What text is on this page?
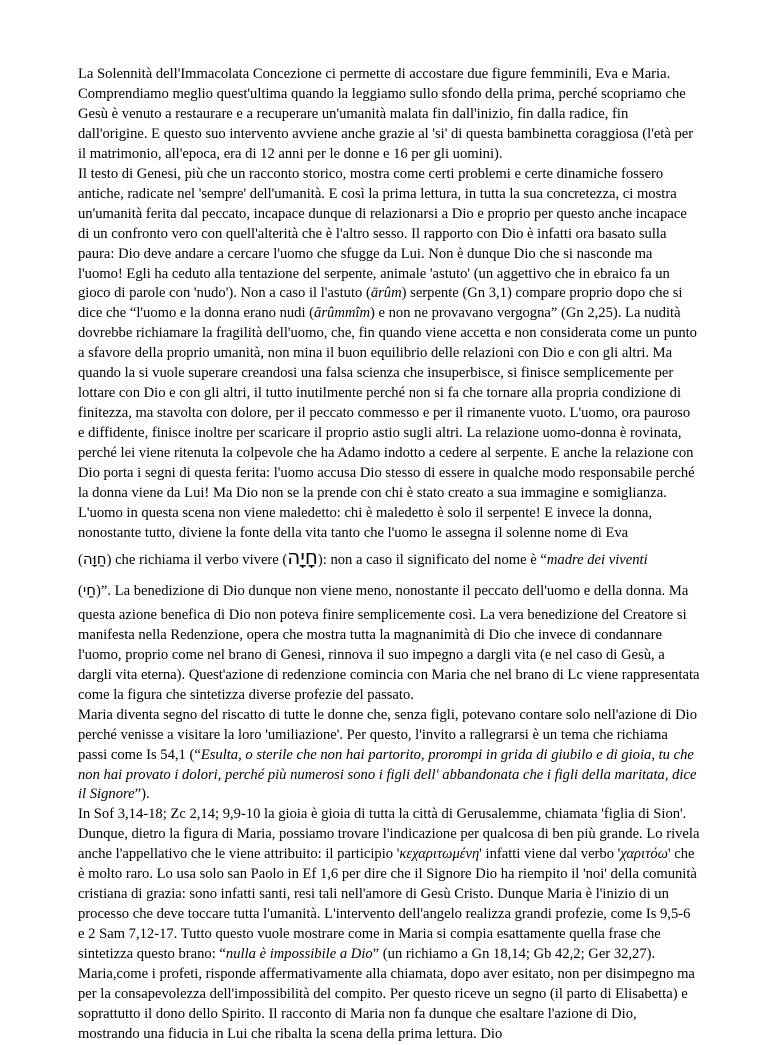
La Solennità dell'Immacolata Concezione ci permette di accostare due figure femminili, Eva e Maria. Comprendiamo meglio quest'ultima quando la leggiamo sullo sfondo della prima, perché scopriamo che Gesù è venuto a restaurare e a recuperare un'umanità malata fin dall'inizio, fin dalla radice, fin dall'origine. E questo suo intervento avviene anche grazie al 'si' di questa bambinetta coraggiosa (l'età per il matrimonio, all'epoca, era di 12 anni per le donne e 16 per gli uomini).

Il testo di Genesi, più che un racconto storico, mostra come certi problemi e certe dinamiche fossero antiche, radicate nel 'sempre' dell'umanità. E così la prima lettura, in tutta la sua concretezza, ci mostra un'umanità ferita dal peccato, incapace dunque di relazionarsi a Dio e proprio per questo anche incapace di un confronto vero con quell'alterità che è l'altro sesso. Il rapporto con Dio è infatti ora basato sulla paura: Dio deve andare a cercare l'uomo che sfugge da Lui. Non è dunque Dio che si nasconde ma l'uomo! Egli ha ceduto alla tentazione del serpente, animale 'astuto' (un aggettivo che in ebraico fa un gioco di parole con 'nudo'). Non a caso il l'astuto (ārûm) serpente (Gn 3,1) compare proprio dopo che si dice che “l'uomo e la donna erano nudi (ărûmmîm) e non ne provavano vergogna” (Gn 2,25). La nudità dovrebbe richiamare la fragilità dell'uomo, che, fin quando viene accetta e non considerata come un punto a sfavore della proprio umanità, non mina il buon equilibrio delle relazioni con Dio e con gli altri. Ma quando la si vuole superare creandosi una falsa scienza che insuperbisce, si finisce semplicemente per lottare con Dio e con gli altri, il tutto inutilmente perché non si fa che tornare alla propria condizione di finitezza, ma stavolta con dolore, per il peccato commesso e per il rimanente vuoto. L'uomo, ora pauroso e diffidente, finisce inoltre per scaricare il proprio astio sugli altri. La relazione uomo-donna è rovinata, perché lei viene ritenuta la colpevole che ha Adamo indotto a cedere al serpente. E anche la relazione con Dio porta i segni di questa ferita: l'uomo accusa Dio stesso di essere in qualche modo responsabile perché la donna viene da Lui! Ma Dio non se la prende con chi è stato creato a sua immagine e somiglianza. L'uomo in questa scena non viene maledetto: chi è maledetto è solo il serpente! E invece la donna, nonostante tutto, diviene la fonte della vita tanto che l'uomo le assegna il solenne nome di Eva

(חַוָּה) che richiama il verbo vivere (חָיָה): non a caso il significato del nome è “madre dei viventi

(חַי)”. La benedizione di Dio dunque non viene meno, nonostante il peccato dell'uomo e della donna. Ma questa azione benefica di Dio non poteva finire semplicemente così. La vera benedizione del Creatore si manifesta nella Redenzione, opera che mostra tutta la magnanimità di Dio che invece di condannare l'uomo, proprio come nel brano di Genesi, rinnova il suo impegno a dargli vita (e nel caso di Gesù, a dargli vita eterna). Quest'azione di redenzione comincia con Maria che nel brano di Lc viene rappresentata come la figura che sintetizza diverse profezie del passato.

Maria diventa segno del riscatto di tutte le donne che, senza figli, potevano contare solo nell'azione di Dio perché venisse a visitare la loro 'umiliazione'. Per questo, l'invito a rallegrarsi è un tema che richiama passi come Is 54,1 (“Esulta, o sterile che non hai partorito, prorompi in grida di giubilo e di gioia, tu che non hai provato i dolori, perché più numerosi sono i figli dell' abbandonata che i figli della maritata, dice il Signore”).

In Sof 3,14-18; Zc 2,14; 9,9-10 la gioia è gioia di tutta la città di Gerusalemme, chiamata 'figlia di Sion'. Dunque, dietro la figura di Maria, possiamo trovare l'indicazione per qualcosa di ben più grande. Lo rivela anche l'appellativo che le viene attribuito: il participio 'κεχαριτωμένη' infatti viene dal verbo 'χαριτόω' che è molto raro. Lo usa solo san Paolo in Ef 1,6 per dire che il Signore Dio ha riempito il 'noi' della comunità cristiana di grazia: sono infatti santi, resi tali nell'amore di Gesù Cristo. Dunque Maria è l'inizio di un processo che deve toccare tutta l'umanità. L'intervento dell'angelo realizza grandi profezie, come Is 9,5-6 e 2 Sam 7,12-17. Tutto questo vuole mostrare come in Maria si compia esattamente quella frase che sintetizza questo brano: “nulla è impossibile a Dio” (un richiamo a Gn 18,14; Gb 42,2; Ger 32,27).

Maria,come i profeti, risponde affermativamente alla chiamata, dopo aver esitato, non per disimpegno ma per la consapevolezza dell'impossibilità del compito. Per questo riceve un segno (il parto di Elisabetta) e soprattutto il dono dello Spirito. Il racconto di Maria non fa dunque che esaltare l'azione di Dio, mostrando una fiducia in Lui che ribalta la scena della prima lettura. Dio
